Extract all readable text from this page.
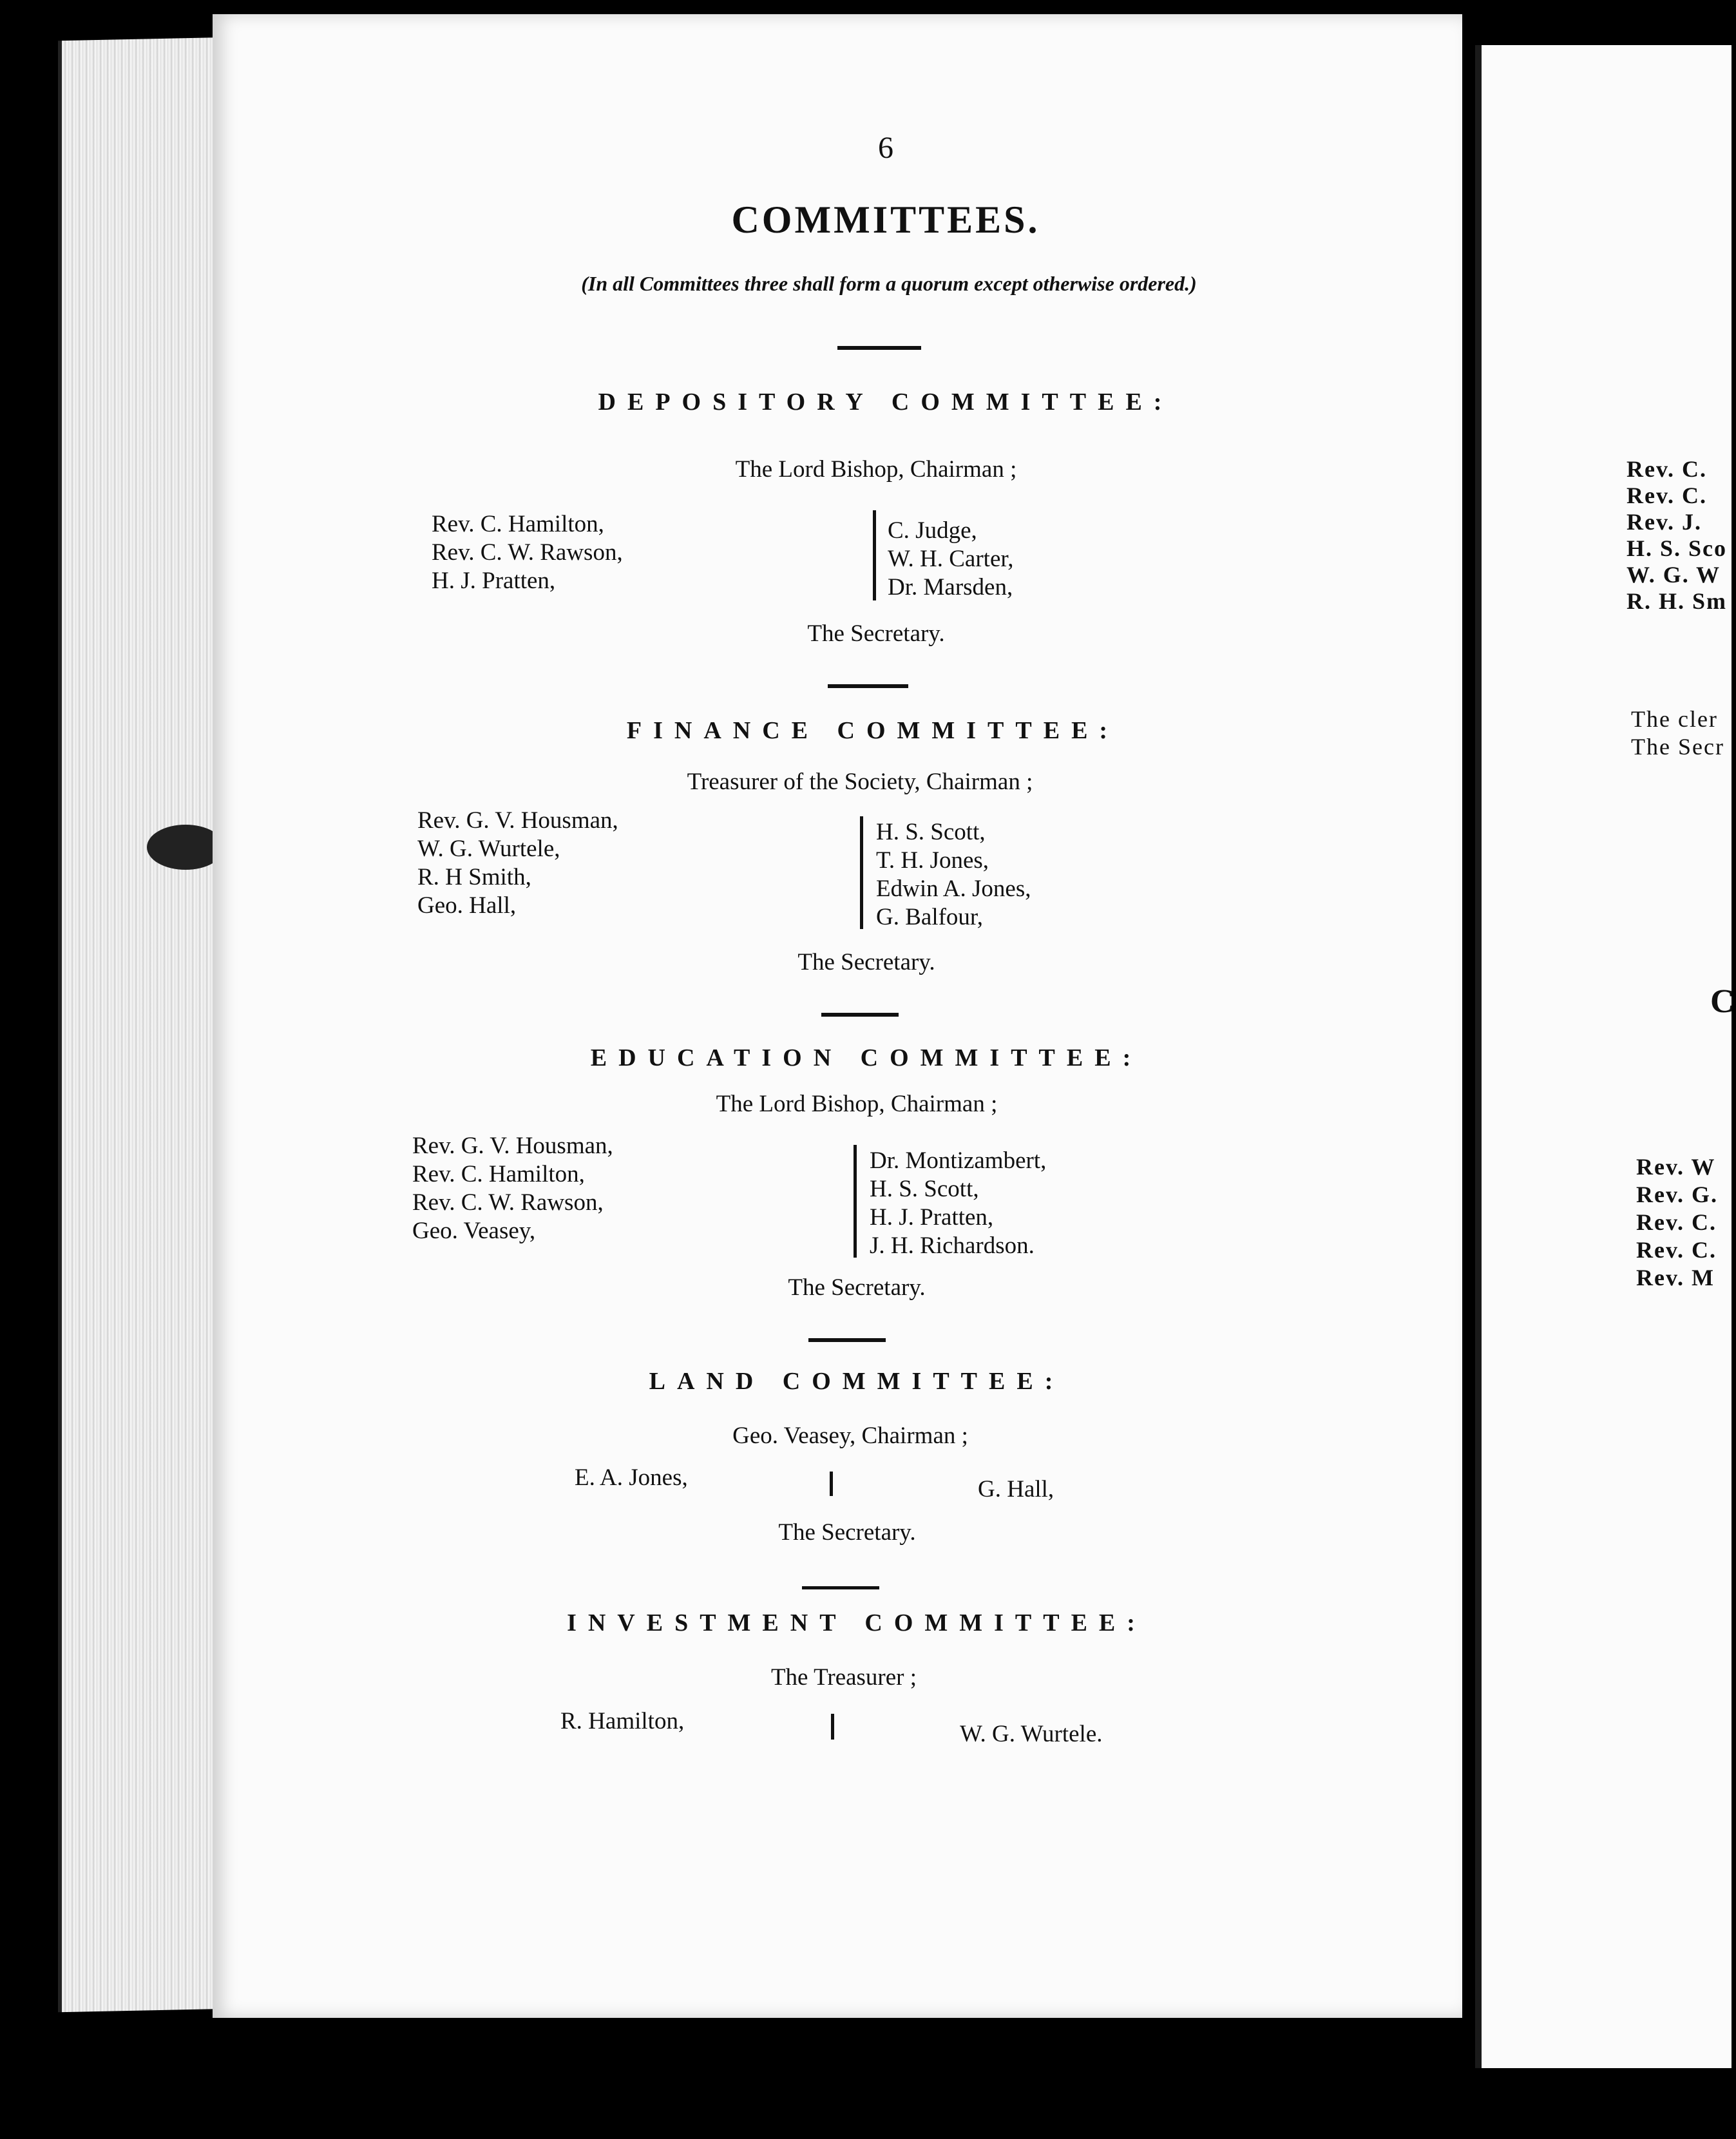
6
COMMITTEES.
(In all Committees three shall form a quorum except otherwise ordered.)
DEPOSITORY COMMITTEE:
The Lord Bishop, Chairman ;
Rev. C. Hamilton,
Rev. C. W. Rawson,
H. J. Pratten,
C. Judge,
W. H. Carter,
Dr. Marsden,
The Secretary.
FINANCE COMMITTEE:
Treasurer of the Society, Chairman ;
Rev. G. V. Housman,
W. G. Wurtele,
R. H Smith,
Geo. Hall,
H. S. Scott,
T. H. Jones,
Edwin A. Jones,
G. Balfour,
The Secretary.
EDUCATION COMMITTEE:
The Lord Bishop, Chairman ;
Rev. G. V. Housman,
Rev. C. Hamilton,
Rev. C. W. Rawson,
Geo. Veasey,
Dr. Montizambert,
H. S. Scott,
H. J. Pratten,
J. H. Richardson.
The Secretary.
LAND COMMITTEE:
Geo. Veasey, Chairman ;
E. A. Jones,	G. Hall,
The Secretary.
INVESTMENT COMMITTEE:
The Treasurer ;
R. Hamilton,	W. G. Wurtele.
Rev. C.
Rev. C.
Rev. J.
H. S. Sco
W. G. W
R. H. Sm
The cler
The Secr
C
Rev. W
Rev. G.
Rev. C.
Rev. C.
Rev. M
